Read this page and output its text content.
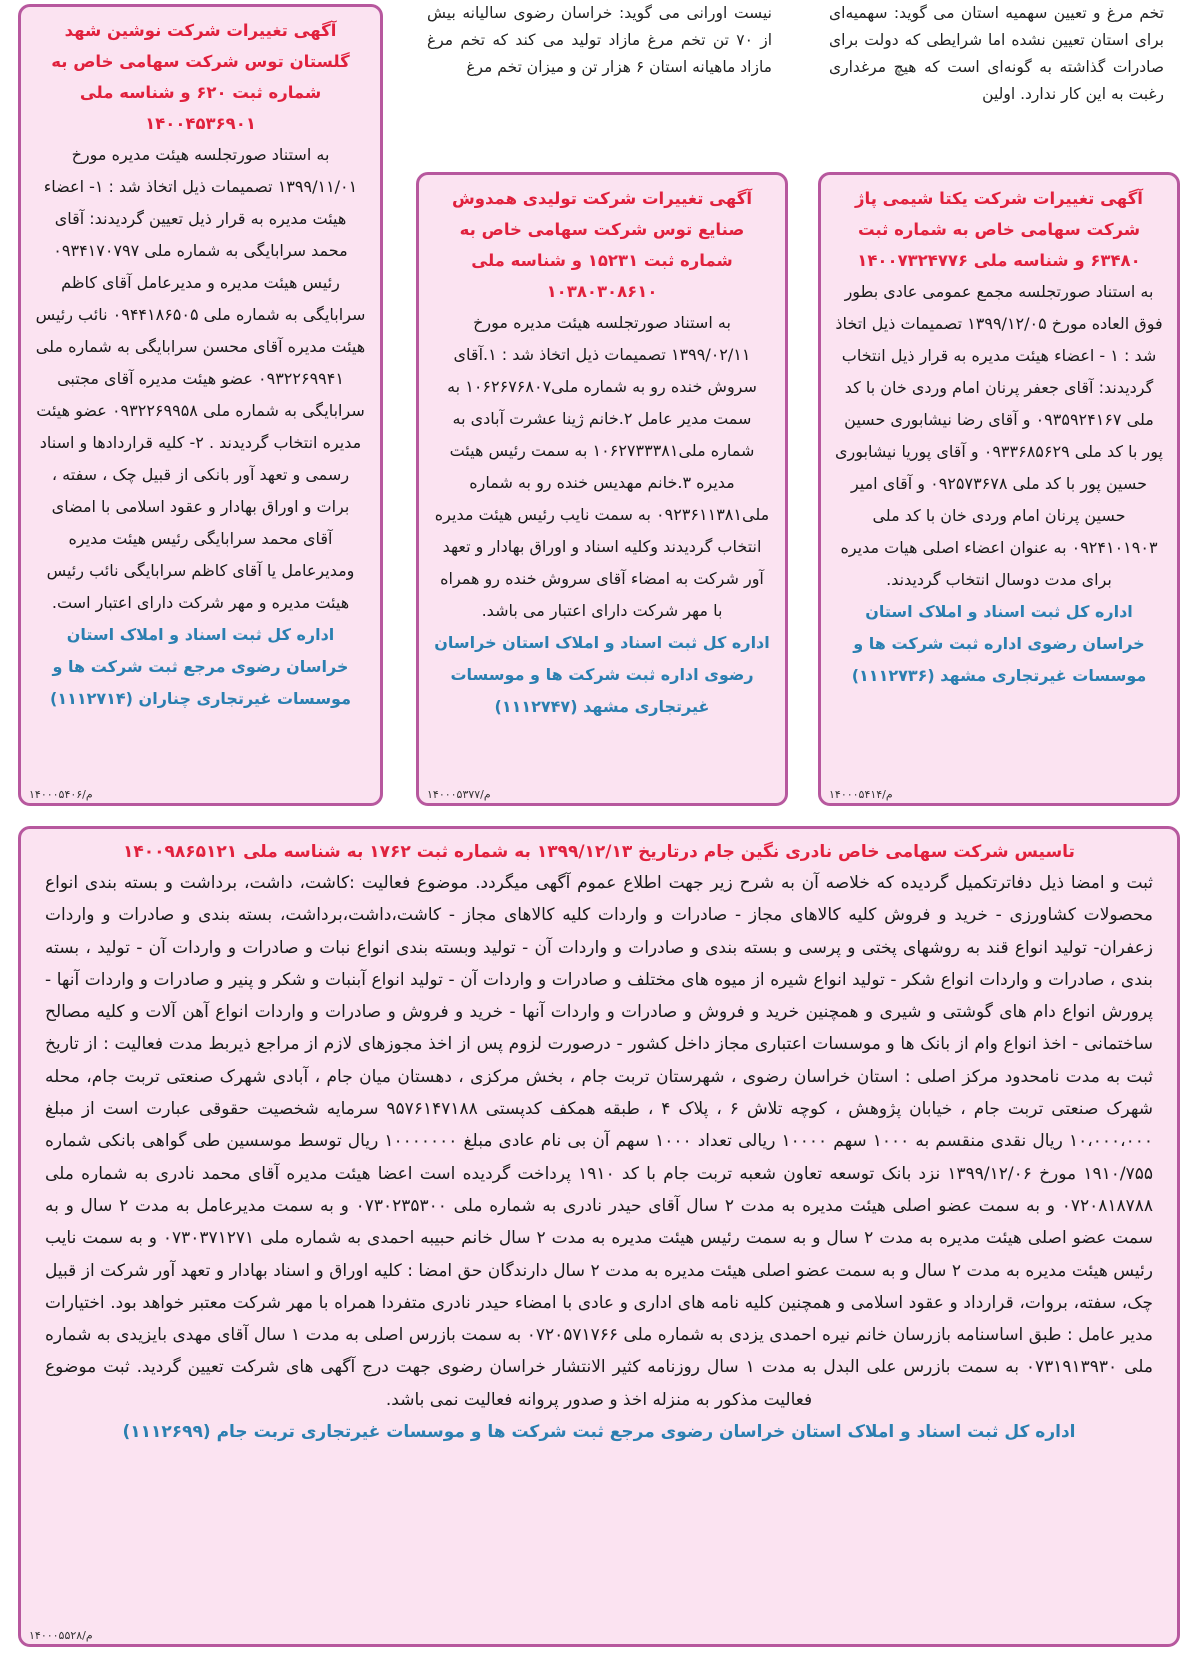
تخم مرغ و تعیین سهمیه استان می گوید: سهمیه‌ای برای استان تعیین نشده اما شرایطی که دولت برای صادرات گذاشته به گونه‌ای است که هیچ مرغداری رغبت به این کار ندارد. اولین

نیست اورانی می گوید: خراسان رضوی سالیانه بیش از ۷۰ تن تخم مرغ مازاد تولید می کند که تخم مرغ مازاد ماهیانه استان ۶ هزار تن و میزان تخم مرغ

آگهی تغییرات شرکت نوشین شهد گلستان توس شرکت سهامی خاص به شماره ثبت ۶۲۰ و شناسه ملی ۱۴۰۰۴۵۳۶۹۰۱

به استناد صورتجلسه هیئت مدیره مورخ ۱۳۹۹/۱۱/۰۱ تصمیمات ذیل اتخاذ شد : ۱- اعضاء هیئت مدیره به قرار ذیل تعیین گردیدند: آقای محمد سرابایگی به شماره ملی ۰۹۳۴۱۷۰۷۹۷ رئیس هیئت مدیره و مدیرعامل آقای کاظم سرابایگی به شماره ملی ۰۹۴۴۱۸۶۵۰۵ نائب رئیس هیئت مدیره آقای محسن سرابایگی به شماره ملی ۰۹۳۲۲۶۹۹۴۱ عضو هیئت مدیره آقای مجتبی سرابایگی به شماره ملی ۰۹۳۲۲۶۹۹۵۸ عضو هیئت مدیره انتخاب گردیدند . ۲- کلیه قراردادها و اسناد رسمی و تعهد آور بانکی از قبیل چک ، سفته ، برات و اوراق بهادار و عقود اسلامی با امضای آقای محمد سرابایگی رئیس هیئت مدیره ومدیرعامل یا آقای کاظم سرابایگی نائب رئیس هیئت مدیره و مهر شرکت دارای اعتبار است.

اداره کل ثبت اسناد و املاک استان خراسان رضوی مرجع ثبت شرکت ها و موسسات غیرتجاری چناران (۱۱۱۲۷۱۴)

۱۴۰۰۰۵۴۰۶/م

آگهی تغییرات شرکت تولیدی همدوش صنایع توس شرکت سهامی خاص به شماره ثبت ۱۵۲۳۱ و شناسه ملی ۱۰۳۸۰۳۰۸۶۱۰

به استناد صورتجلسه هیئت مدیره مورخ ۱۳۹۹/۰۲/۱۱ تصمیمات ذیل اتخاذ شد : ۱.آقای سروش خنده رو به شماره ملی۱۰۶۲۶۷۶۸۰۷ به سمت مدیر عامل ۲.خانم ژینا عشرت آبادی به شماره ملی۱۰۶۲۷۳۳۳۸۱ به سمت رئیس هیئت مدیره ۳.خانم مهدیس خنده رو به شماره ملی۰۹۲۳۶۱۱۳۸۱ به سمت نایب رئیس هیئت مدیره انتخاب گردیدند وکلیه اسناد و اوراق بهادار و تعهد آور شرکت به امضاء آقای سروش خنده رو همراه با مهر شرکت دارای اعتبار می باشد.

اداره کل ثبت اسناد و املاک استان خراسان رضوی اداره ثبت شرکت ها و موسسات غیرتجاری مشهد (۱۱۱۲۷۴۷)

۱۴۰۰۰۵۳۷۷/م

آگهی تغییرات شرکت یکتا شیمی پاژ شرکت سهامی خاص به شماره ثبت ۶۳۴۸۰ و شناسه ملی ۱۴۰۰۷۳۲۴۷۷۶

به استناد صورتجلسه مجمع عمومی عادی بطور فوق العاده مورخ ۱۳۹۹/۱۲/۰۵ تصمیمات ذیل اتخاذ شد : ۱ - اعضاء هیئت مدیره به قرار ذیل انتخاب گردیدند: آقای جعفر پرنان امام وردی خان با کد ملی ۰۹۳۵۹۲۴۱۶۷ و آقای رضا نیشابوری حسین پور با کد ملی ۰۹۳۳۶۸۵۶۲۹ و آقای پوریا نیشابوری حسین پور با کد ملی ۰۹۲۵۷۳۶۷۸ و آقای امیر حسین پرنان امام وردی خان با کد ملی ۰۹۲۴۱۰۱۹۰۳ به عنوان اعضاء اصلی هیات مدیره برای مدت دوسال انتخاب گردیدند.

اداره کل ثبت اسناد و املاک استان خراسان رضوی اداره ثبت شرکت ها و موسسات غیرتجاری مشهد (۱۱۱۲۷۳۶)

۱۴۰۰۰۵۴۱۴/م

تاسیس شرکت سهامی خاص نادری نگین جام درتاریخ ۱۳۹۹/۱۲/۱۳ به شماره ثبت ۱۷۶۲ به شناسه ملی ۱۴۰۰۹۸۶۵۱۲۱

ثبت و امضا ذیل دفاترتکمیل گردیده که خلاصه آن به شرح زیر جهت اطلاع عموم آگهی میگردد. موضوع فعالیت :کاشت، داشت، برداشت و بسته بندی انواع محصولات کشاورزی - خرید و فروش کلیه کالاهای مجاز - صادرات و واردات کلیه کالاهای مجاز - کاشت،داشت،برداشت، بسته بندی و صادرات و واردات زعفران- تولید انواع قند به روشهای پختی و پرسی و بسته بندی و صادرات و واردات آن - تولید وبسته بندی انواع نبات و صادرات و واردات آن - تولید ، بسته بندی ، صادرات و واردات انواع شکر - تولید انواع شیره از میوه های مختلف و صادرات و واردات آن - تولید انواع آبنبات و شکر و پنیر و صادرات و واردات آنها - پرورش انواع دام های گوشتی و شیری و همچنین خرید و فروش و صادرات و واردات آنها - خرید و فروش و صادرات و واردات انواع آهن آلات و کلیه مصالح ساختمانی - اخذ انواع وام از بانک ها و موسسات اعتباری مجاز داخل کشور - درصورت لزوم پس از اخذ مجوزهای لازم از مراجع ذیربط مدت فعالیت : از تاریخ ثبت به مدت نامحدود مرکز اصلی : استان خراسان رضوی ، شهرستان تربت جام ، بخش مرکزی ، دهستان میان جام ، آبادی شهرک صنعتی تربت جام، محله شهرک صنعتی تربت جام ، خیابان پژوهش ، کوچه تلاش ۶ ، پلاک ۴ ، طبقه همکف کدپستی ۹۵۷۶۱۴۷۱۸۸ سرمایه شخصیت حقوقی عبارت است از مبلغ ۱۰،۰۰۰،۰۰۰ ریال نقدی منقسم به ۱۰۰۰ سهم ۱۰۰۰۰ ریالی تعداد ۱۰۰۰ سهم آن بی نام عادی مبلغ ۱۰۰۰۰۰۰۰ ریال توسط موسسین طی گواهی بانکی شماره ۱۹۱۰/۷۵۵ مورخ ۱۳۹۹/۱۲/۰۶ نزد بانک توسعه تعاون شعبه تربت جام با کد ۱۹۱۰ پرداخت گردیده است اعضا هیئت مدیره آقای محمد نادری به شماره ملی ۰۷۲۰۸۱۸۷۸۸ و به سمت عضو اصلی هیئت مدیره به مدت ۲ سال آقای حیدر نادری به شماره ملی ۰۷۳۰۲۳۵۳۰۰ و به سمت مدیرعامل به مدت ۲ سال و به سمت عضو اصلی هیئت مدیره به مدت ۲ سال و به سمت رئیس هیئت مدیره به مدت ۲ سال خانم حبیبه احمدی به شماره ملی ۰۷۳۰۳۷۱۲۷۱ و به سمت نایب رئیس هیئت مدیره به مدت ۲ سال و به سمت عضو اصلی هیئت مدیره به مدت ۲ سال دارندگان حق امضا : کلیه اوراق و اسناد بهادار و تعهد آور شرکت از قبیل چک، سفته، بروات، قرارداد و عقود اسلامی و همچنین کلیه نامه های اداری و عادی با امضاء حیدر نادری متفردا همراه با مهر شرکت معتبر خواهد بود. اختیارات مدیر عامل : طبق اساسنامه بازرسان خانم نیره احمدی یزدی به شماره ملی ۰۷۲۰۵۷۱۷۶۶ به سمت بازرس اصلی به مدت ۱ سال آقای مهدی بایزیدی به شماره ملی ۰۷۳۱۹۱۳۹۳۰ به سمت بازرس علی البدل به مدت ۱ سال روزنامه کثیر الانتشار خراسان رضوی جهت درج آگهی های شرکت تعیین گردید. ثبت موضوع فعالیت مذکور به منزله اخذ و صدور پروانه فعالیت نمی باشد.

اداره کل ثبت اسناد و املاک استان خراسان رضوی مرجع ثبت شرکت ها و موسسات غیرتجاری تربت جام (۱۱۱۲۶۹۹)

۱۴۰۰۰۵۵۲۸/م
